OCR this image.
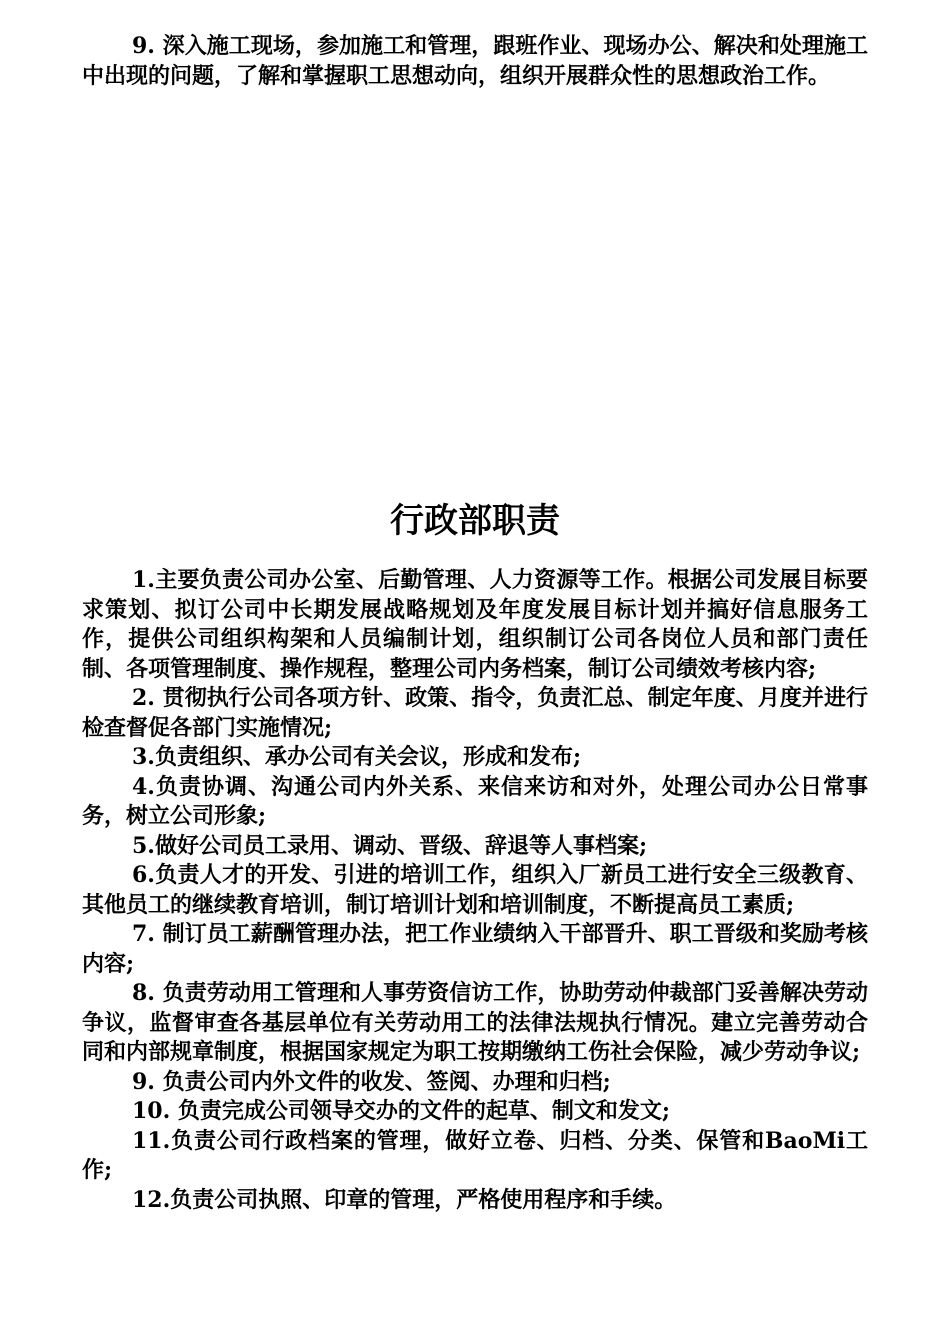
9. 深入施工现场，参加施工和管理，跟班作业、现场办公、解决和处理施工中出现的问题，了解和掌握职工思想动向，组织开展群众性的思想政治工作。

行政部职责

1.主要负责公司办公室、后勤管理、人力资源等工作。根据公司发展目标要求策划、拟订公司中长期发展战略规划及年度发展目标计划并搞好信息服务工作，提供公司组织构架和人员编制计划，组织制订公司各岗位人员和部门责任制、各项管理制度、操作规程，整理公司内务档案，制订公司绩效考核内容;

2. 贯彻执行公司各项方针、政策、指令，负责汇总、制定年度、月度并进行检查督促各部门实施情况;

3.负责组织、承办公司有关会议，形成和发布;

4.负责协调、沟通公司内外关系、来信来访和对外，处理公司办公日常事务，树立公司形象;

5.做好公司员工录用、调动、晋级、辞退等人事档案;

6.负责人才的开发、引进的培训工作，组织入厂新员工进行安全三级教育、其他员工的继续教育培训，制订培训计划和培训制度，不断提高员工素质;

7. 制订员工薪酬管理办法，把工作业绩纳入干部晋升、职工晋级和奖励考核内容;

8. 负责劳动用工管理和人事劳资信访工作，协助劳动仲裁部门妥善解决劳动争议，监督审查各基层单位有关劳动用工的法律法规执行情况。建立完善劳动合同和内部规章制度，根据国家规定为职工按期缴纳工伤社会保险，减少劳动争议;

9. 负责公司内外文件的收发、签阅、办理和归档;

10. 负责完成公司领导交办的文件的起草、制文和发文;

11.负责公司行政档案的管理，做好立卷、归档、分类、保管和BaoMi工作;

12.负责公司执照、印章的管理，严格使用程序和手续。
